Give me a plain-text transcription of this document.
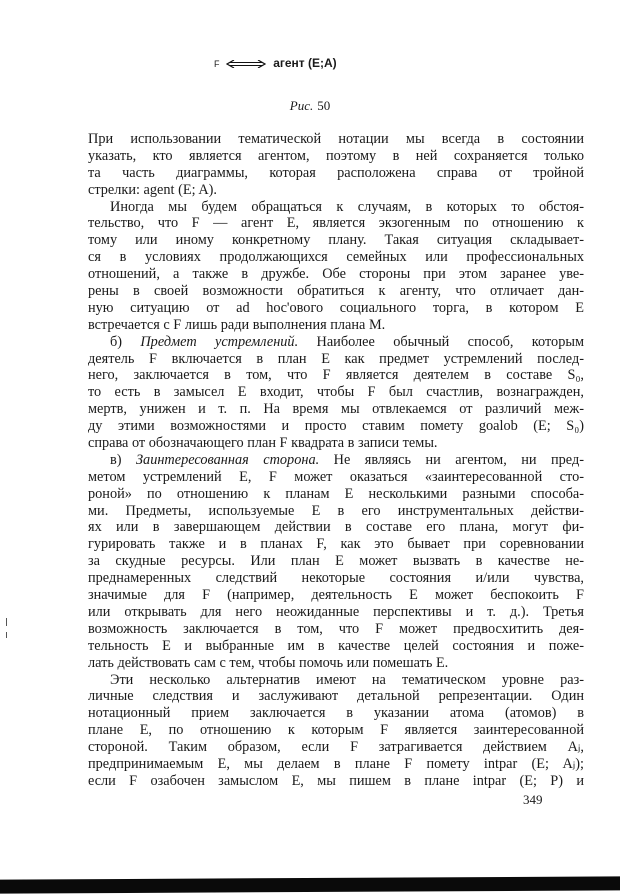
F	агент (E;A)
Рис. 50
При использовании тематической нотации мы всегда в состоянии
указать, кто является агентом, поэтому в ней сохраняется только
та часть диаграммы, которая расположена справа от тройной
стрелки: agent (E; A).
Иногда мы будем обращаться к случаям, в которых то обстоя-
тельство, что F — агент E, является экзогенным по отношению к
тому или иному конкретному плану. Такая ситуация складывает-
ся в условиях продолжающихся семейных или профессиональных
отношений, а также в дружбе. Обе стороны при этом заранее уве-
рены в своей возможности обратиться к агенту, что отличает дан-
ную ситуацию от ad hoc'ового социального торга, в котором E
встречается с F лишь ради выполнения плана M.
б) Предмет устремлений. Наиболее обычный способ, которым
деятель F включается в план E как предмет устремлений послед-
него, заключается в том, что F является деятелем в составе S₀,
то есть в замысел E входит, чтобы F был счастлив, вознагражден,
мертв, унижен и т. п. На время мы отвлекаемся от различий меж-
ду этими возможностями и просто ставим помету goalob (E; S₀)
справа от обозначающего план F квадрата в записи темы.
в) Заинтересованная сторона. Не являясь ни агентом, ни пред-
метом устремлений E, F может оказаться «заинтересованной сто-
роной» по отношению к планам E несколькими разными способа-
ми. Предметы, используемые E в его инструментальных действи-
ях или в завершающем действии в составе его плана, могут фи-
гурировать также и в планах F, как это бывает при соревновании
за скудные ресурсы. Или план E может вызвать в качестве не-
преднамеренных следствий некоторые состояния и/или чувства,
значимые для F (например, деятельность E может беспокоить F
или открывать для него неожиданные перспективы и т. д.). Третья
возможность заключается в том, что F может предвосхитить дея-
тельность E и выбранные им в качестве целей состояния и поже-
лать действовать сам с тем, чтобы помочь или помешать E.
Эти несколько альтернатив имеют на тематическом уровне раз-
личные следствия и заслуживают детальной репрезентации. Один
нотационный прием заключается в указании атома (атомов) в
плане E, по отношению к которым F является заинтересованной
стороной. Таким образом, если F затрагивается действием Aⱼ,
предпринимаемым E, мы делаем в плане F помету intpar (E; Aⱼ);
если F озабочен замыслом E, мы пишем в плане intpar (E; P) и
349
